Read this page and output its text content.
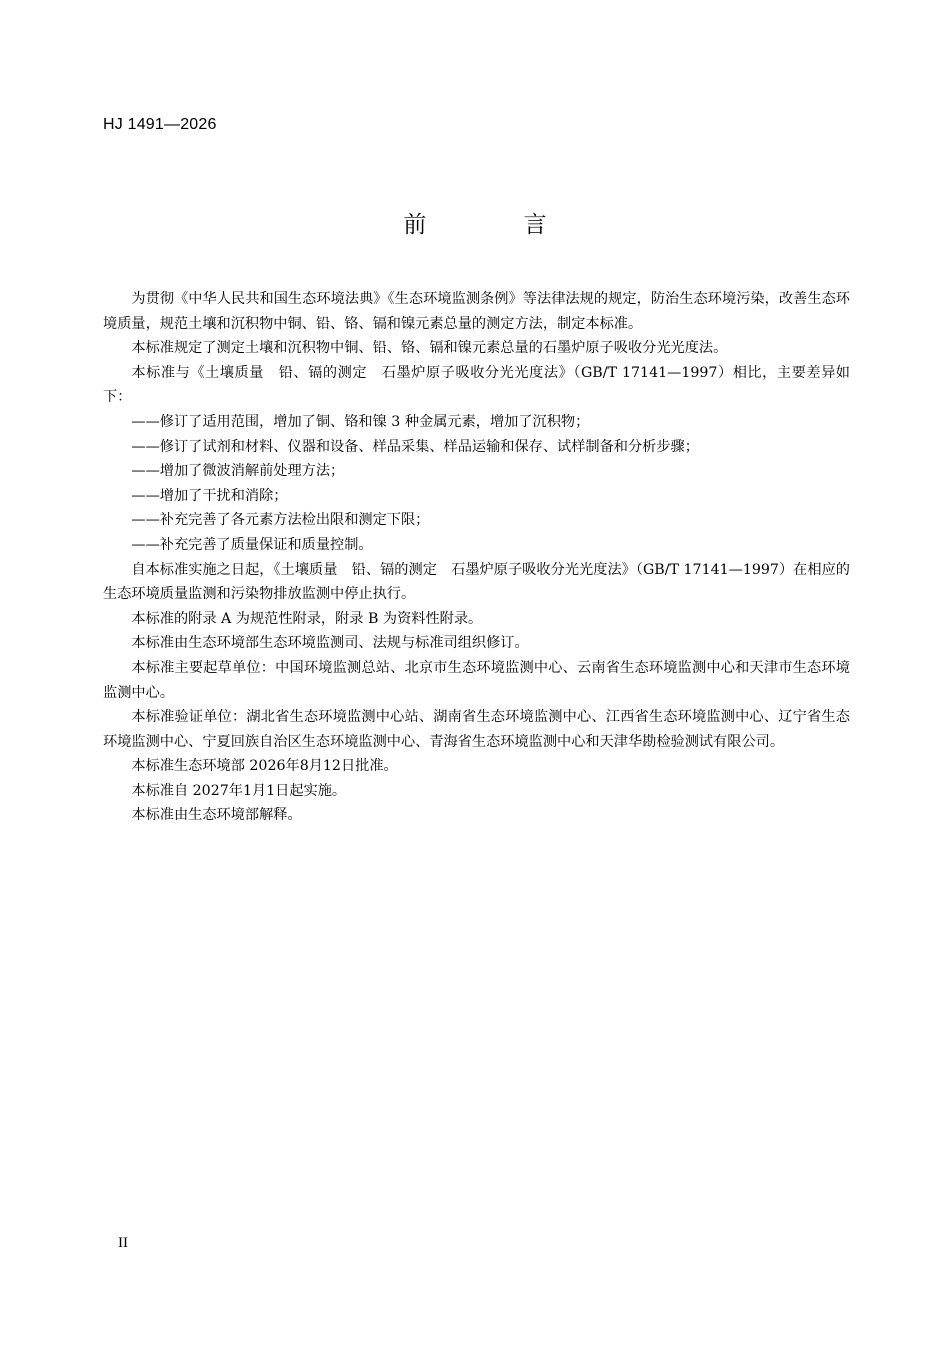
HJ 1491—2026
前 言

为贯彻《中华人民共和国生态环境法典》《生态环境监测条例》等法律法规的规定，防治生态环境污染，改善生态环境质量，规范土壤和沉积物中铜、铅、铬、镉和镍元素总量的测定方法，制定本标准。

本标准规定了测定土壤和沉积物中铜、铅、铬、镉和镍元素总量的石墨炉原子吸收分光光度法。

本标准与《土壤质量　铅、镉的测定　石墨炉原子吸收分光光度法》（GB/T 17141—1997）相比，主要差异如下：

——修订了适用范围，增加了铜、铬和镍 3 种金属元素，增加了沉积物；

——修订了试剂和材料、仪器和设备、样品采集、样品运输和保存、试样制备和分析步骤；

——增加了微波消解前处理方法；

——增加了干扰和消除；

——补充完善了各元素方法检出限和测定下限；

——补充完善了质量保证和质量控制。

自本标准实施之日起，《土壤质量　铅、镉的测定　石墨炉原子吸收分光光度法》（GB/T 17141—1997）在相应的生态环境质量监测和污染物排放监测中停止执行。

本标准的附录 A 为规范性附录，附录 B 为资料性附录。

本标准由生态环境部生态环境监测司、法规与标准司组织修订。

本标准主要起草单位：中国环境监测总站、北京市生态环境监测中心、云南省生态环境监测中心和天津市生态环境监测中心。

本标准验证单位：湖北省生态环境监测中心站、湖南省生态环境监测中心、江西省生态环境监测中心、辽宁省生态环境监测中心、宁夏回族自治区生态环境监测中心、青海省生态环境监测中心和天津华勘检验测试有限公司。

本标准生态环境部 2026年8月12日批准。

本标准自 2027年1月1日起实施。

本标准由生态环境部解释。

II
